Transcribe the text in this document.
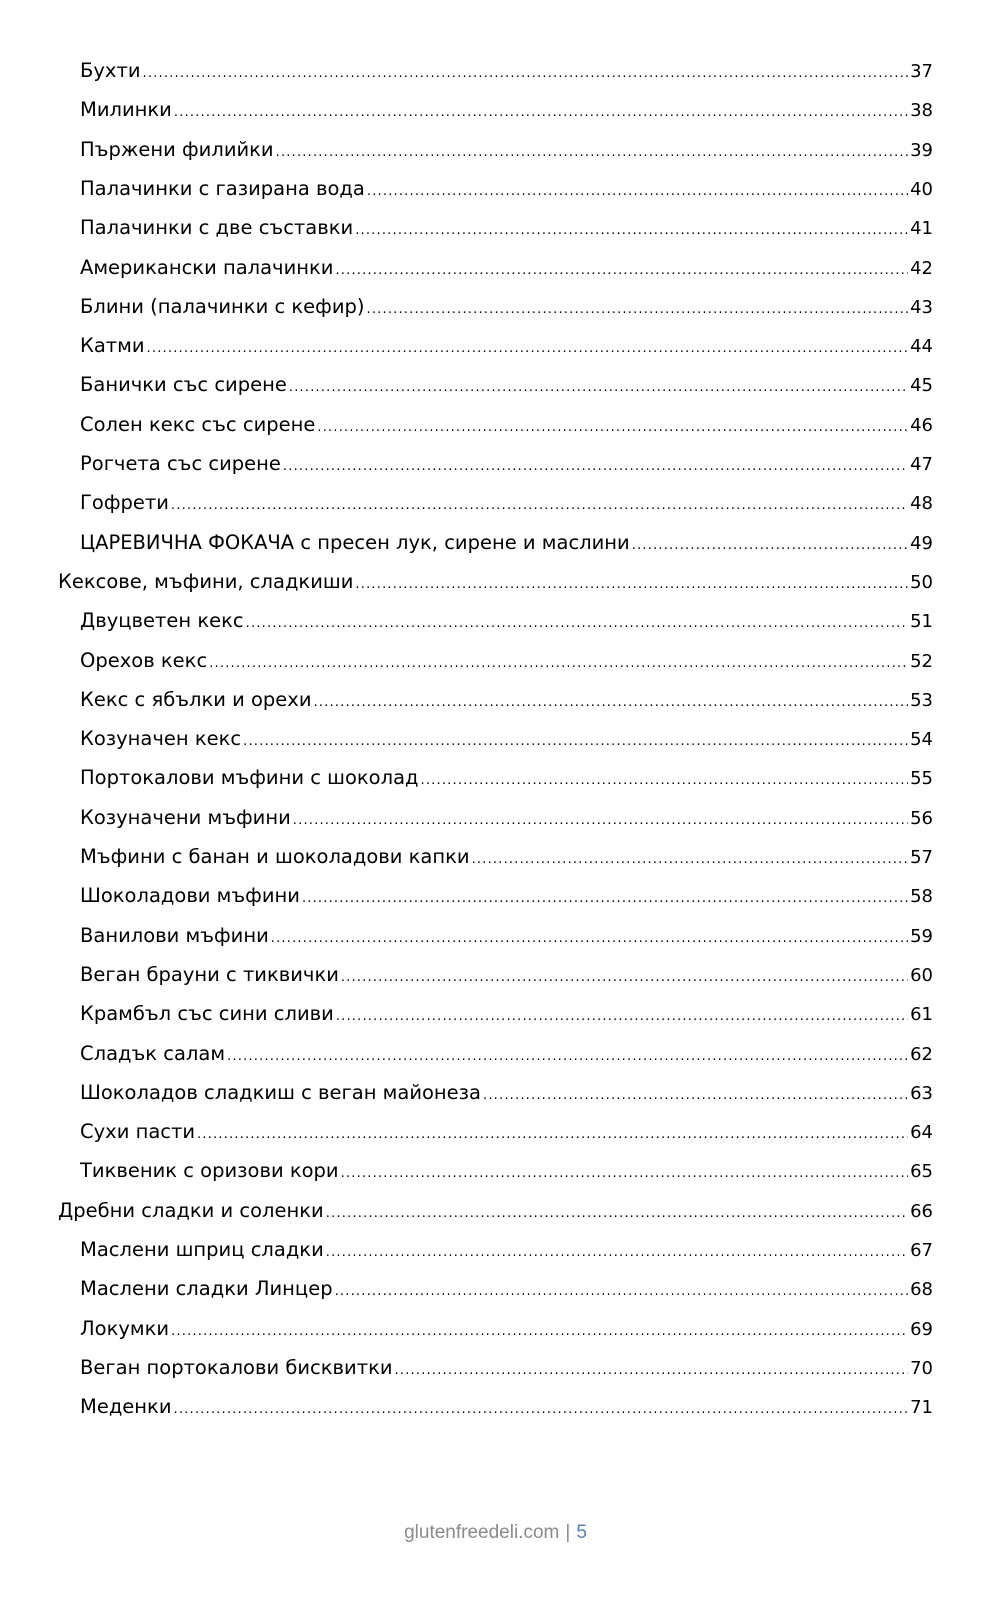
Бухти .....	37
Милинки .....	38
Пържени филийки .....	39
Палачинки с газирана вода .....	40
Палачинки с две съставки .....	41
Американски палачинки .....	42
Блини (палачинки с кефир) .....	43
Катми .....	44
Банички със сирене .....	45
Солен кекс със сирене .....	46
Рогчета със сирене .....	47
Гофрети .....	48
ЦАРЕВИЧНА ФОКАЧА с пресен лук, сирене и маслини .....	49
Кексове, мъфини, сладкиши .....	50
Двуцветен кекс .....	51
Орехов кекс .....	52
Кекс с ябълки и орехи .....	53
Козуначен кекс .....	54
Портокалови мъфини с шоколад .....	55
Козуначени мъфини .....	56
Мъфини с банан и шоколадови капки .....	57
Шоколадови мъфини .....	58
Ванилови мъфини .....	59
Веган брауни с тиквички .....	60
Крамбъл със сини сливи .....	61
Сладък салам .....	62
Шоколадов сладкиш с веган майонеза .....	63
Сухи пасти .....	64
Тиквеник с оризови кори .....	65
Дребни сладки и соленки .....	66
Маслени шприц сладки .....	67
Маслени сладки Линцер .....	68
Локумки .....	69
Веган портокалови бисквитки .....	70
Меденки .....	71
glutenfreedeli.com | 5
